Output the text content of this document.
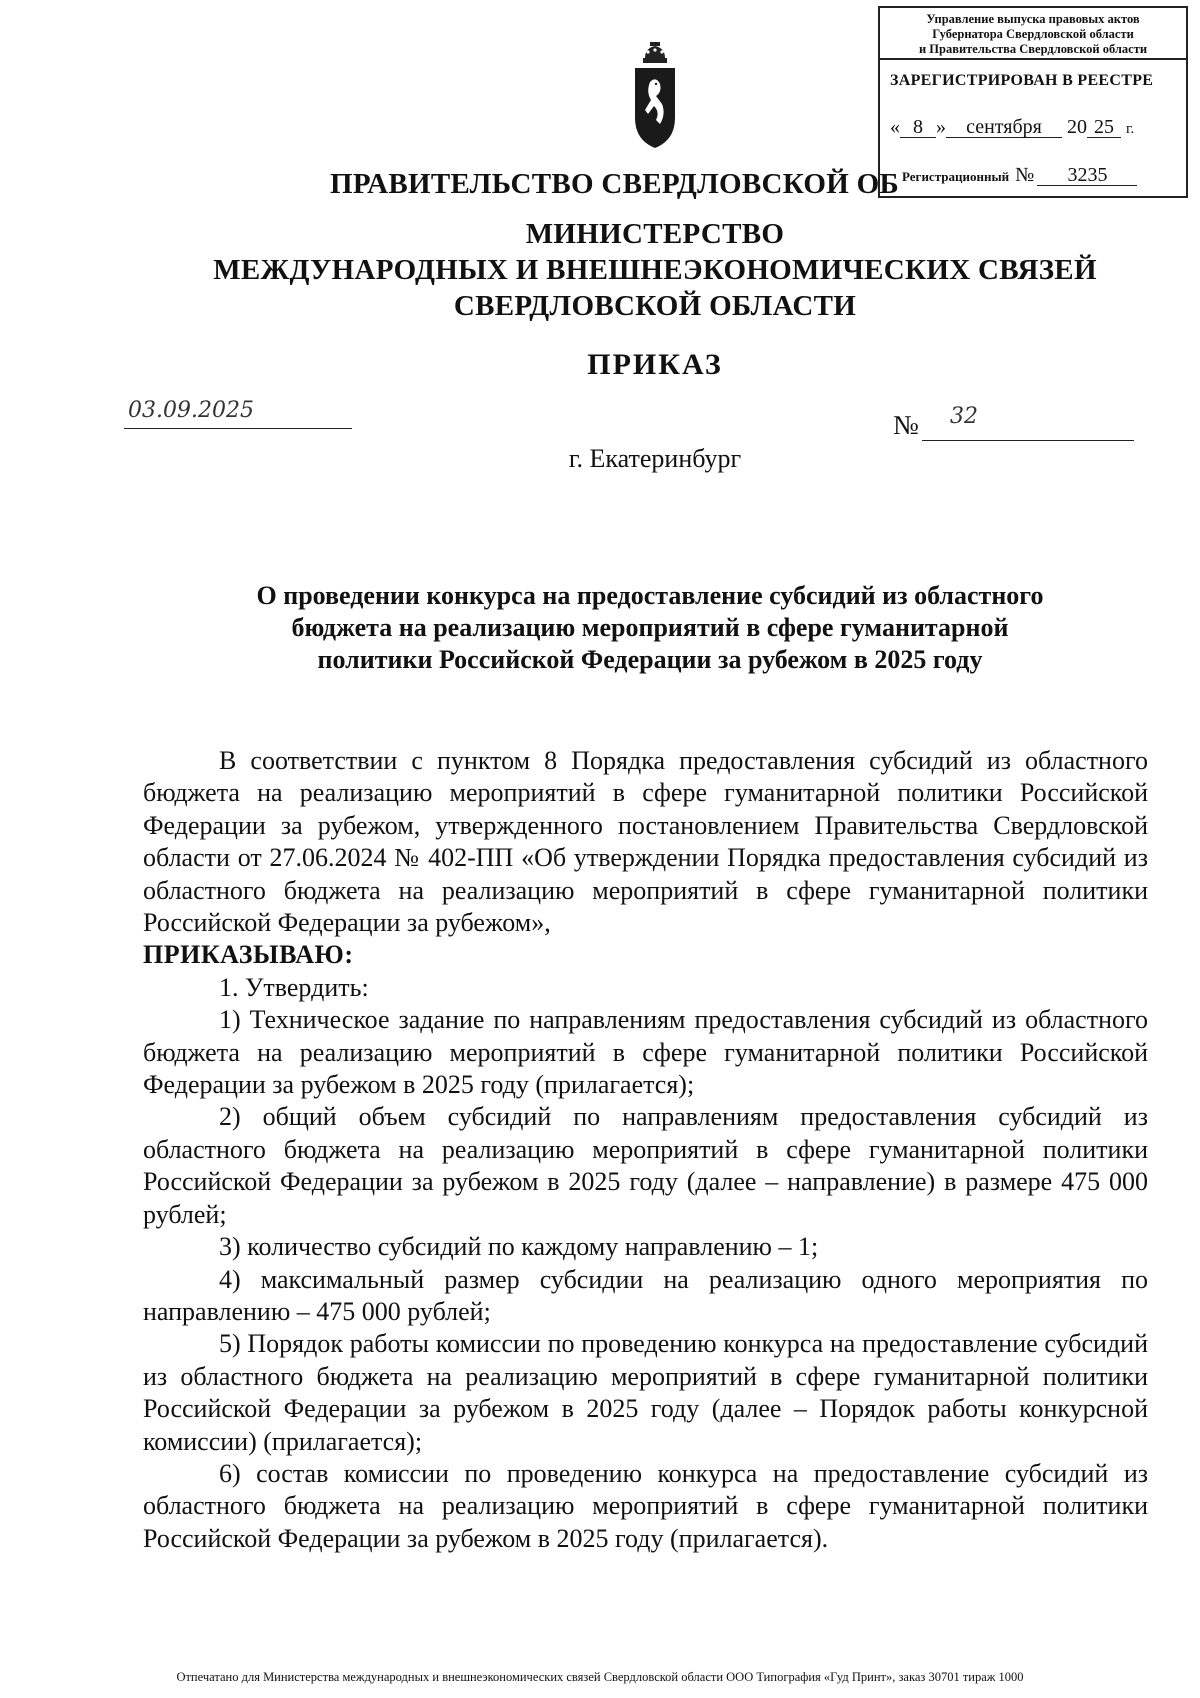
Управление выпуска правовых актов
Губернатора Свердловской области
и Правительства Свердловской области
ЗАРЕГИСТРИРОВАН В РЕЕСТРЕ
« 8 » сентября 20 25 г.
Регистрационный № 3235
ПРАВИТЕЛЬСТВО СВЕРДЛОВСКОЙ ОБ
МИНИСТЕРСТВО
МЕЖДУНАРОДНЫХ И ВНЕШНЕЭКОНОМИЧЕСКИХ СВЯЗЕЙ
СВЕРДЛОВСКОЙ ОБЛАСТИ
ПРИКАЗ
03.09.2025	№ 32
г. Екатеринбург
О проведении конкурса на предоставление субсидий из областного
бюджета на реализацию мероприятий в сфере гуманитарной
политики Российской Федерации за рубежом в 2025 году

В соответствии с пунктом 8 Порядка предоставления субсидий из областного бюджета на реализацию мероприятий в сфере гуманитарной политики Российской Федерации за рубежом, утвержденного постановлением Правительства Свердловской области от 27.06.2024 № 402-ПП «Об утверждении Порядка предоставления субсидий из областного бюджета на реализацию мероприятий в сфере гуманитарной политики Российской Федерации за рубежом»,

ПРИКАЗЫВАЮ:

1. Утвердить:

1) Техническое задание по направлениям предоставления субсидий из областного бюджета на реализацию мероприятий в сфере гуманитарной политики Российской Федерации за рубежом в 2025 году (прилагается);

2) общий объем субсидий по направлениям предоставления субсидий из областного бюджета на реализацию мероприятий в сфере гуманитарной политики Российской Федерации за рубежом в 2025 году (далее – направление) в размере 475 000 рублей;

3) количество субсидий по каждому направлению – 1;

4) максимальный размер субсидии на реализацию одного мероприятия по направлению – 475 000 рублей;

5) Порядок работы комиссии по проведению конкурса на предоставление субсидий из областного бюджета на реализацию мероприятий в сфере гуманитарной политики Российской Федерации за рубежом в 2025 году (далее – Порядок работы конкурсной комиссии) (прилагается);

6) состав комиссии по проведению конкурса на предоставление субсидий из областного бюджета на реализацию мероприятий в сфере гуманитарной политики Российской Федерации за рубежом в 2025 году (прилагается).

Отпечатано для Министерства международных и внешнеэкономических связей Свердловской области ООО Типография «Гуд Принт», заказ 30701 тираж 1000
